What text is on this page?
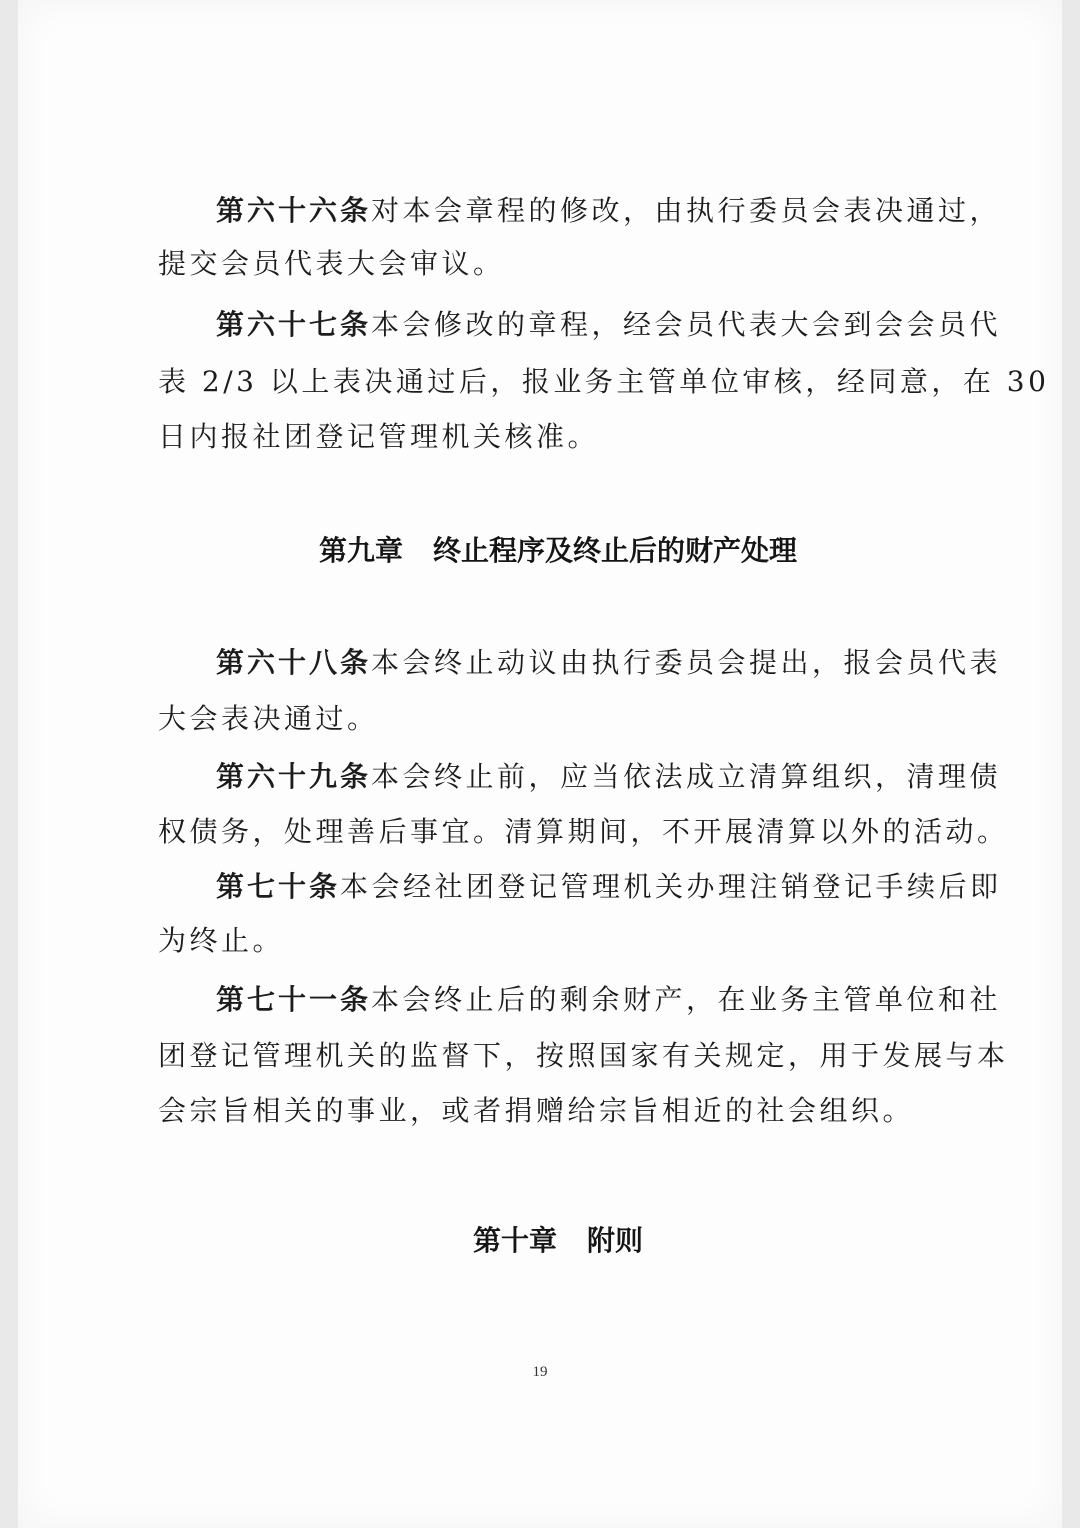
第六十六条对本会章程的修改，由执行委员会表决通过，
提交会员代表大会审议。
第六十七条本会修改的章程，经会员代表大会到会会员代
表 2/3 以上表决通过后，报业务主管单位审核，经同意，在 30
日内报社团登记管理机关核准。
第九章 终止程序及终止后的财产处理
第六十八条本会终止动议由执行委员会提出，报会员代表
大会表决通过。
第六十九条本会终止前，应当依法成立清算组织，清理债
权债务，处理善后事宜。清算期间，不开展清算以外的活动。
第七十条本会经社团登记管理机关办理注销登记手续后即
为终止。
第七十一条本会终止后的剩余财产，在业务主管单位和社
团登记管理机关的监督下，按照国家有关规定，用于发展与本
会宗旨相关的事业，或者捐赠给宗旨相近的社会组织。
第十章 附则
19
